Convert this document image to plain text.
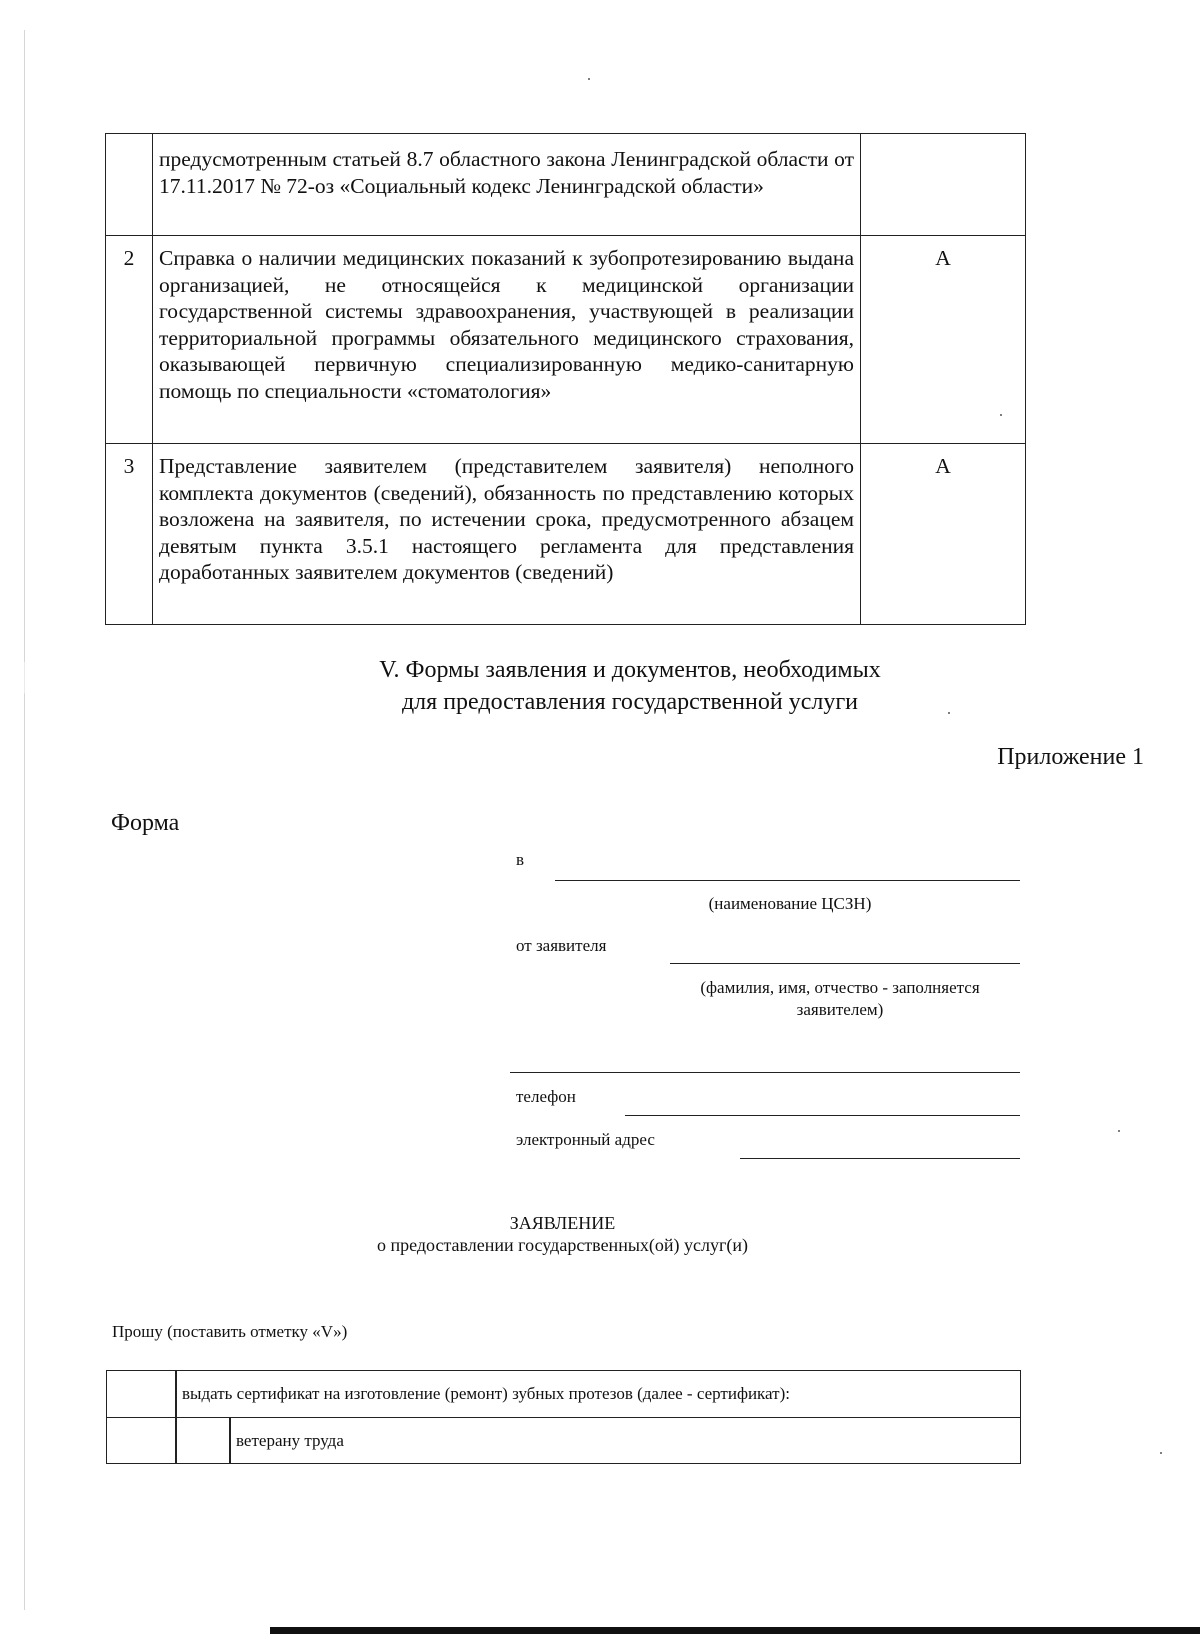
	предусмотренным статьей 8.7 областного закона Ленинградской области от 17.11.2017 № 72-оз «Социальный кодекс Ленинградской области»	
2	Справка о наличии медицинских показаний к зубопротезированию выдана организацией, не относящейся к медицинской организации государственной системы здравоохранения, участвующей в реализации территориальной программы обязательного медицинского страхования, оказывающей первичную специализированную медико-санитарную помощь по специальности «стоматология»	А
3	Представление заявителем (представителем заявителя) неполного комплекта документов (сведений), обязанность по представлению которых возложена на заявителя, по истечении срока, предусмотренного абзацем девятым пункта 3.5.1 настоящего регламента для представления доработанных заявителем документов (сведений)	А
V. Формы заявления и документов, необходимых
для предоставления государственной услуги
Приложение 1
Форма
в
(наименование ЦСЗН)
от заявителя
(фамилия, имя, отчество - заполняется
заявителем)
телефон
электронный адрес
ЗАЯВЛЕНИЕ
о предоставлении государственных(ой) услуг(и)
Прошу (поставить отметку «V»)
выдать сертификат на изготовление (ремонт) зубных протезов (далее - сертификат):
ветерану труда
